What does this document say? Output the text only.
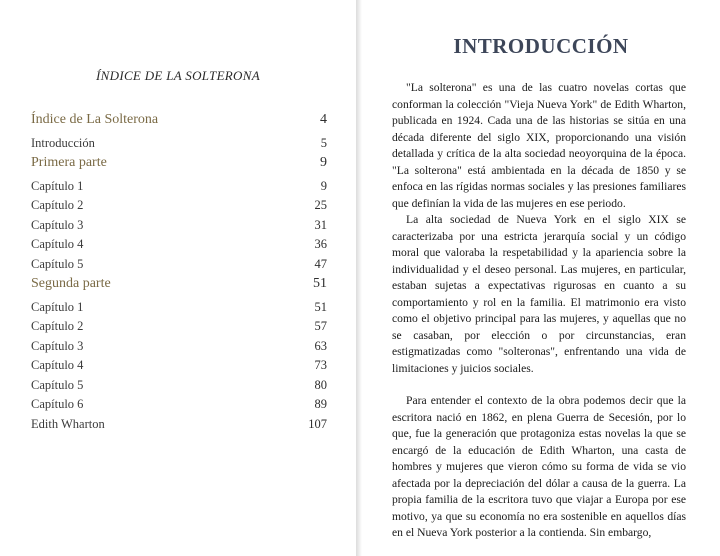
ÍNDICE DE LA SOLTERONA
Índice de La Solterona	4
Introducción	5
Primera parte	9
Capítulo 1	9
Capítulo 2	25
Capítulo 3	31
Capítulo 4	36
Capítulo 5	47
Segunda parte	51
Capítulo 1	51
Capítulo 2	57
Capítulo 3	63
Capítulo 4	73
Capítulo 5	80
Capítulo 6	89
Edith Wharton	107
INTRODUCCIÓN

"La solterona" es una de las cuatro novelas cortas que conforman la colección "Vieja Nueva York" de Edith Wharton, publicada en 1924. Cada una de las historias se sitúa en una década diferente del siglo XIX, proporcionando una visión detallada y crítica de la alta sociedad neoyorquina de la época. "La solterona" está ambientada en la década de 1850 y se enfoca en las rígidas normas sociales y las presiones familiares que definían la vida de las mujeres en ese periodo.

La alta sociedad de Nueva York en el siglo XIX se caracterizaba por una estricta jerarquía social y un código moral que valoraba la respetabilidad y la apariencia sobre la individualidad y el deseo personal. Las mujeres, en particular, estaban sujetas a expectativas rigurosas en cuanto a su comportamiento y rol en la familia. El matrimonio era visto como el objetivo principal para las mujeres, y aquellas que no se casaban, por elección o por circunstancias, eran estigmatizadas como "solteronas", enfrentando una vida de limitaciones y juicios sociales.

Para entender el contexto de la obra podemos decir que la escritora nació en 1862, en plena Guerra de Secesión, por lo que, fue la generación que protagoniza estas novelas la que se encargó de la educación de Edith Wharton, una casta de hombres y mujeres que vieron cómo su forma de vida se vio afectada por la depreciación del dólar a causa de la guerra. La propia familia de la escritora tuvo que viajar a Europa por ese motivo, ya que su economía no era sostenible en aquellos días en el Nueva York posterior a la contienda. Sin embargo,
